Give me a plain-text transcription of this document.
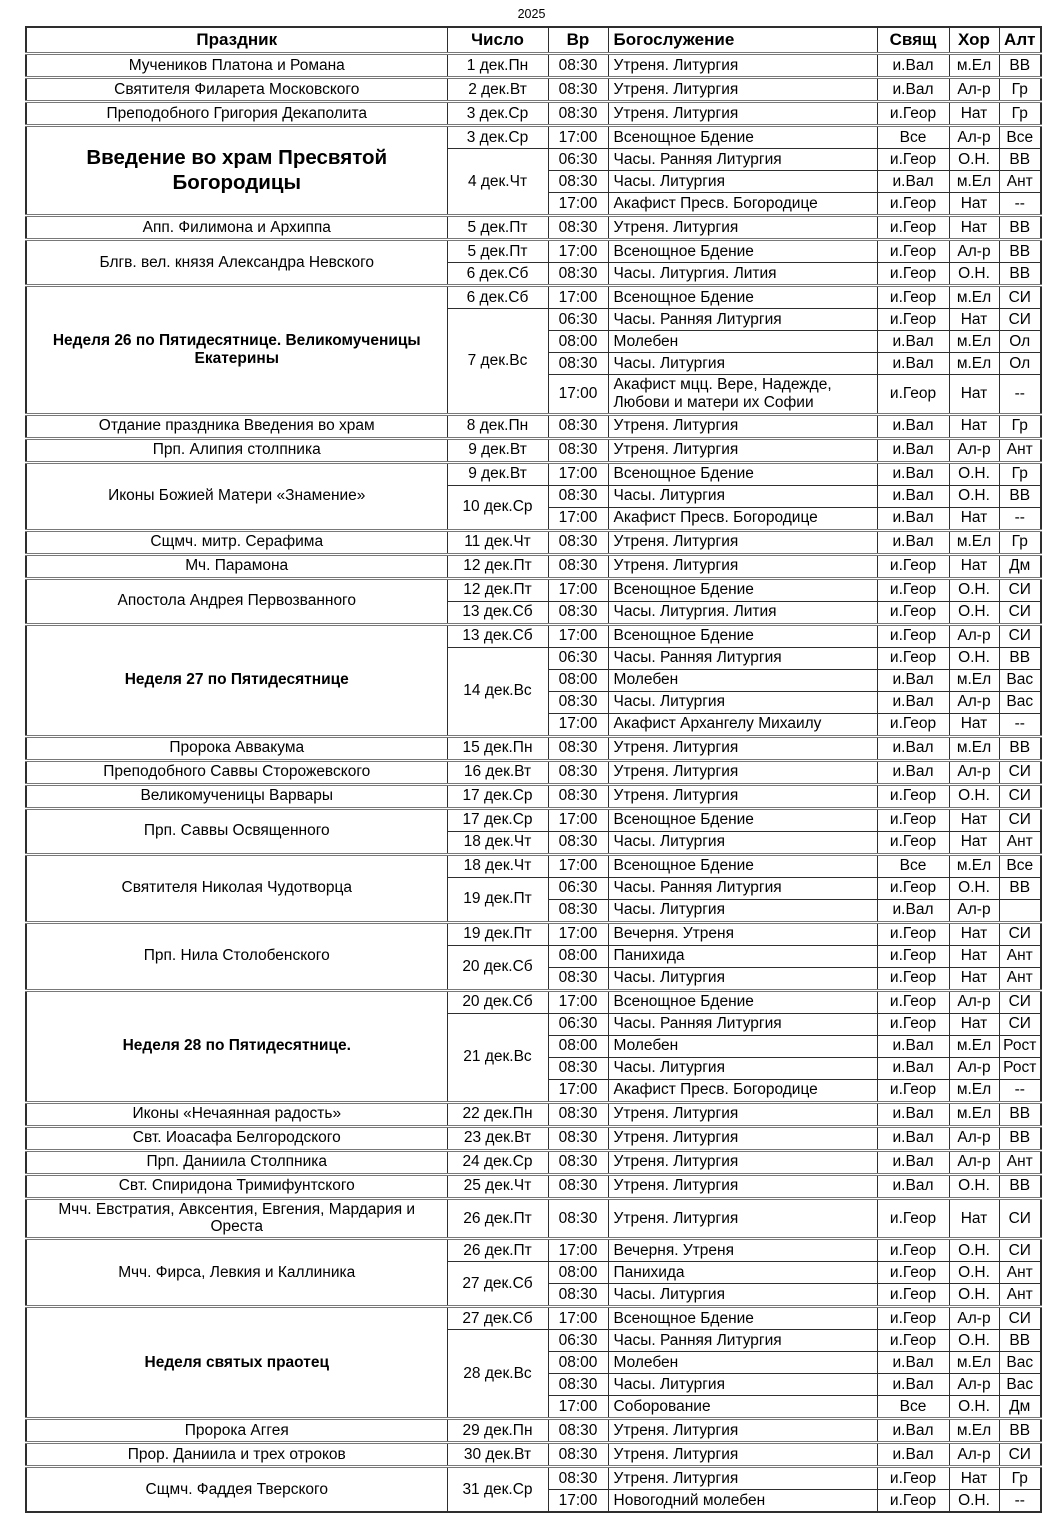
2025
Праздник	Число	Вр	Богослужение	Свящ	Хор	Алт
Мучеников Платона и Романа	1 дек.Пн	08:30	Утреня. Литургия	и.Вал	м.Ел	ВВ
Святителя Филарета Московского	2 дек.Вт	08:30	Утреня. Литургия	и.Вал	Ал-р	Гр
Преподобного Григория Декаполита	3 дек.Ср	08:30	Утреня. Литургия	и.Геор	Нат	Гр
Введение во храм Пресвятой Богородицы	3 дек.Ср	17:00	Всенощное Бдение	Все	Ал-р	Все
	4 дек.Чт	06:30	Часы. Ранняя Литургия	и.Геор	О.Н.	ВВ
		08:30	Часы. Литургия	и.Вал	м.Ел	Ант
		17:00	Акафист Пресв. Богородице	и.Геор	Нат	--
Апп. Филимона и Архиппа	5 дек.Пт	08:30	Утреня. Литургия	и.Геор	Нат	ВВ
Блгв. вел. князя Александра Невского	5 дек.Пт	17:00	Всенощное Бдение	и.Геор	Ал-р	ВВ
	6 дек.Сб	08:30	Часы. Литургия. Лития	и.Геор	О.Н.	ВВ
Неделя 26 по Пятидесятнице. Великомученицы Екатерины	6 дек.Сб	17:00	Всенощное Бдение	и.Геор	м.Ел	СИ
	7 дек.Вс	06:30	Часы. Ранняя Литургия	и.Геор	Нат	СИ
		08:00	Молебен	и.Вал	м.Ел	Ол
		08:30	Часы. Литургия	и.Вал	м.Ел	Ол
		17:00	Акафист мцц. Вере, Надежде, Любови и матери их Софии	и.Геор	Нат	--
Отдание праздника Введения во храм	8 дек.Пн	08:30	Утреня. Литургия	и.Вал	Нат	Гр
Прп. Алипия столпника	9 дек.Вт	08:30	Утреня. Литургия	и.Вал	Ал-р	Ант
Иконы Божией Матери «Знамение»	9 дек.Вт	17:00	Всенощное Бдение	и.Вал	О.Н.	Гр
	10 дек.Ср	08:30	Часы. Литургия	и.Вал	О.Н.	ВВ
		17:00	Акафист Пресв. Богородице	и.Вал	Нат	--
Сщмч. митр. Серафима	11 дек.Чт	08:30	Утреня. Литургия	и.Вал	м.Ел	Гр
Мч. Парамона	12 дек.Пт	08:30	Утреня. Литургия	и.Геор	Нат	Дм
Апостола Андрея Первозванного	12 дек.Пт	17:00	Всенощное Бдение	и.Геор	О.Н.	СИ
	13 дек.Сб	08:30	Часы. Литургия. Лития	и.Геор	О.Н.	СИ
Неделя 27 по Пятидесятнице	13 дек.Сб	17:00	Всенощное Бдение	и.Геор	Ал-р	СИ
	14 дек.Вс	06:30	Часы. Ранняя Литургия	и.Геор	О.Н.	ВВ
		08:00	Молебен	и.Вал	м.Ел	Вас
		08:30	Часы. Литургия	и.Вал	Ал-р	Вас
		17:00	Акафист Архангелу Михаилу	и.Геор	Нат	--
Пророка Аввакума	15 дек.Пн	08:30	Утреня. Литургия	и.Вал	м.Ел	ВВ
Преподобного Саввы Сторожевского	16 дек.Вт	08:30	Утреня. Литургия	и.Вал	Ал-р	СИ
Великомученицы Варвары	17 дек.Ср	08:30	Утреня. Литургия	и.Геор	О.Н.	СИ
Прп. Саввы Освященного	17 дек.Ср	17:00	Всенощное Бдение	и.Геор	Нат	СИ
	18 дек.Чт	08:30	Часы. Литургия	и.Геор	Нат	Ант
Святителя Николая Чудотворца	18 дек.Чт	17:00	Всенощное Бдение	Все	м.Ел	Все
	19 дек.Пт	06:30	Часы. Ранняя Литургия	и.Геор	О.Н.	ВВ
		08:30	Часы. Литургия	и.Вал	Ал-р	
Прп. Нила Столобенского	19 дек.Пт	17:00	Вечерня. Утреня	и.Геор	Нат	СИ
	20 дек.Сб	08:00	Панихида	и.Геор	Нат	Ант
		08:30	Часы. Литургия	и.Геор	Нат	Ант
Неделя 28 по Пятидесятнице.	20 дек.Сб	17:00	Всенощное Бдение	и.Геор	Ал-р	СИ
	21 дек.Вс	06:30	Часы. Ранняя Литургия	и.Геор	Нат	СИ
		08:00	Молебен	и.Вал	м.Ел	Рост
		08:30	Часы. Литургия	и.Вал	Ал-р	Рост
		17:00	Акафист Пресв. Богородице	и.Геор	м.Ел	--
Иконы «Нечаянная радость»	22 дек.Пн	08:30	Утреня. Литургия	и.Вал	м.Ел	ВВ
Свт. Иоасафа Белгородского	23 дек.Вт	08:30	Утреня. Литургия	и.Вал	Ал-р	ВВ
Прп. Даниила Столпника	24 дек.Ср	08:30	Утреня. Литургия	и.Вал	Ал-р	Ант
Свт. Спиридона Тримифунтского	25 дек.Чт	08:30	Утреня. Литургия	и.Вал	О.Н.	ВВ
Мчч. Евстратия, Авксентия, Евгения, Мардария и Ореста	26 дек.Пт	08:30	Утреня. Литургия	и.Геор	Нат	СИ
Мчч. Фирса, Левкия и Каллиника	26 дек.Пт	17:00	Вечерня. Утреня	и.Геор	О.Н.	СИ
	27 дек.Сб	08:00	Панихида	и.Геор	О.Н.	Ант
		08:30	Часы. Литургия	и.Геор	О.Н.	Ант
Неделя святых праотец	27 дек.Сб	17:00	Всенощное Бдение	и.Геор	Ал-р	СИ
	28 дек.Вс	06:30	Часы. Ранняя Литургия	и.Геор	О.Н.	ВВ
		08:00	Молебен	и.Вал	м.Ел	Вас
		08:30	Часы. Литургия	и.Вал	Ал-р	Вас
		17:00	Соборование	Все	О.Н.	Дм
Пророка Аггея	29 дек.Пн	08:30	Утреня. Литургия	и.Вал	м.Ел	ВВ
Прор. Даниила и трех отроков	30 дек.Вт	08:30	Утреня. Литургия	и.Вал	Ал-р	СИ
Сщмч. Фаддея Тверского	31 дек.Ср	08:30	Утреня. Литургия	и.Геор	Нат	Гр
		17:00	Новогодний молебен	и.Геор	О.Н.	--
